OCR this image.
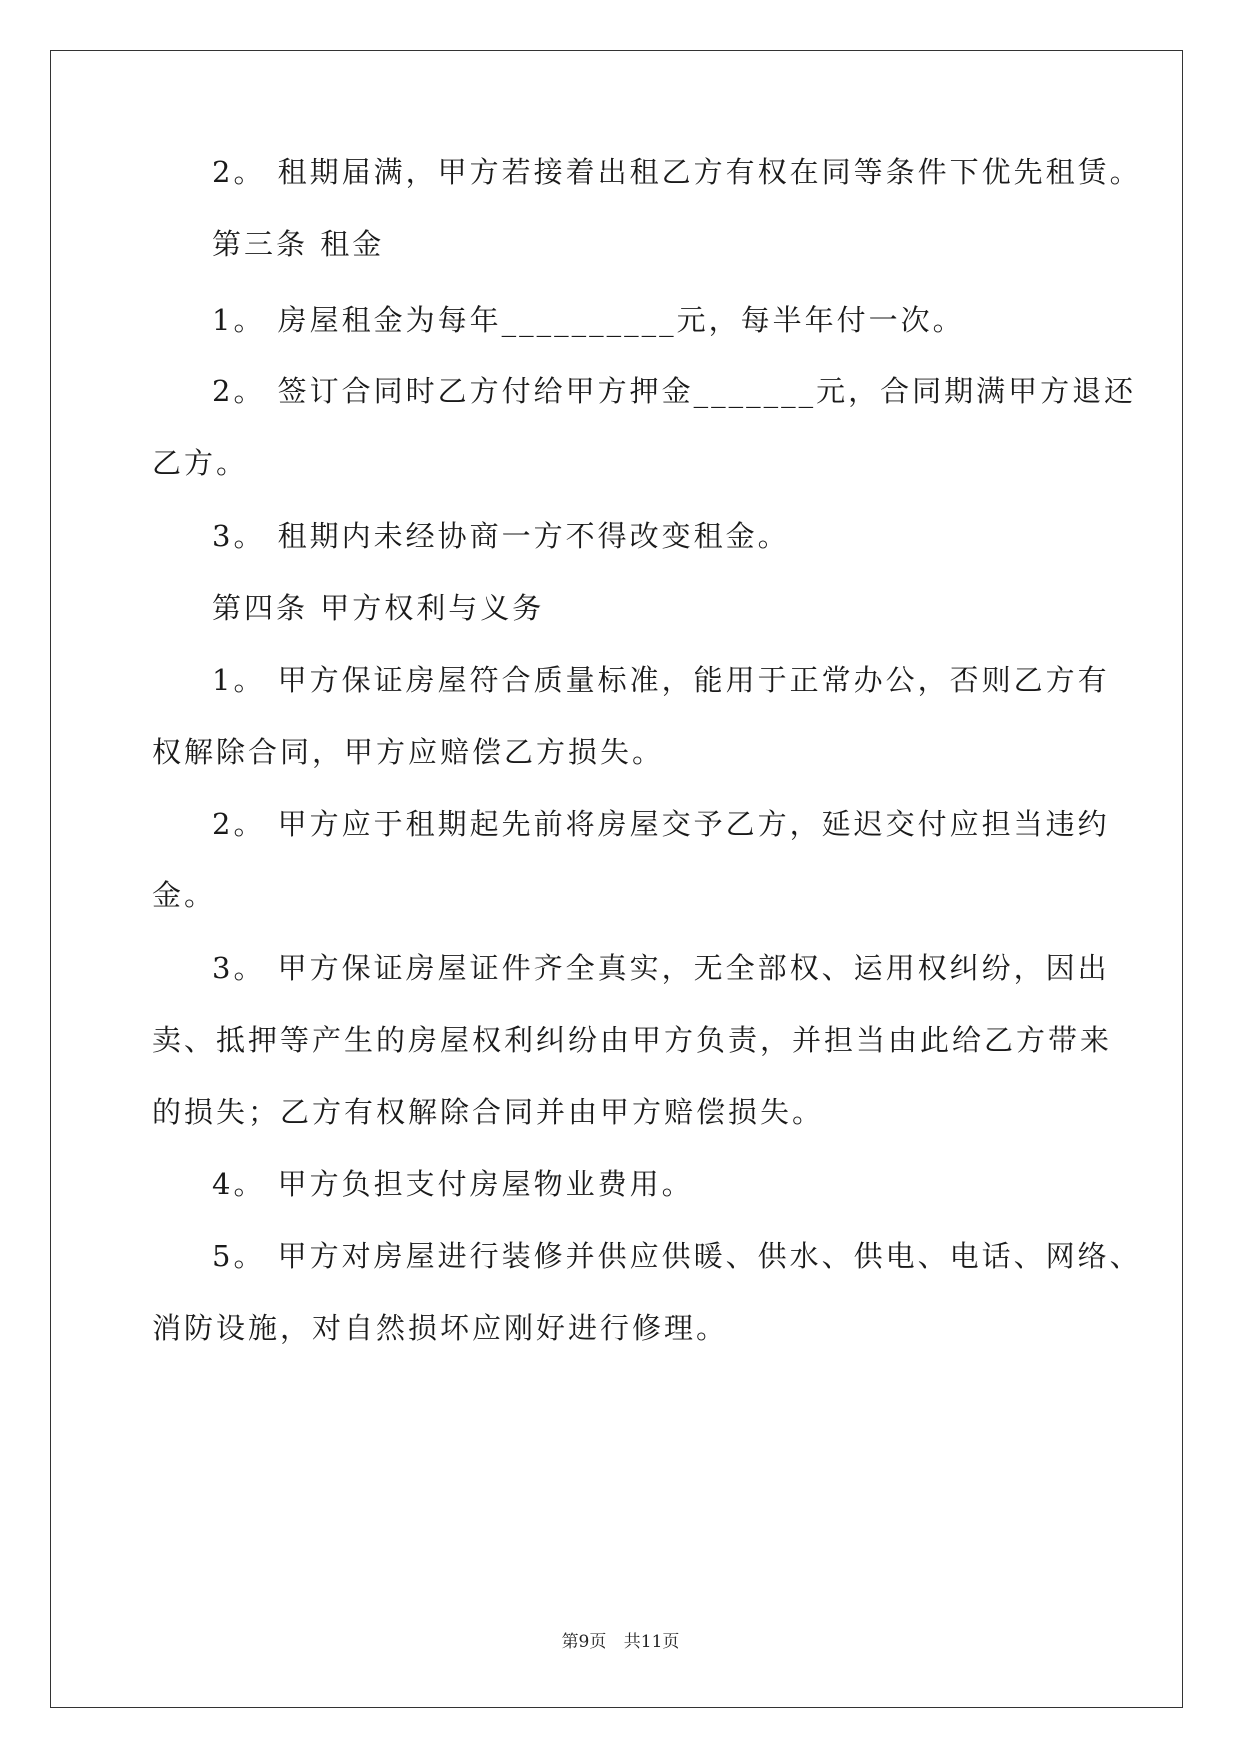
2。 租期届满，甲方若接着出租乙方有权在同等条件下优先租赁。
第三条 租金
1。 房屋租金为每年__________元，每半年付一次。
2。 签订合同时乙方付给甲方押金_______元，合同期满甲方退还
乙方。
3。 租期内未经协商一方不得改变租金。
第四条 甲方权利与义务
1。 甲方保证房屋符合质量标准，能用于正常办公，否则乙方有
权解除合同，甲方应赔偿乙方损失。
2。 甲方应于租期起先前将房屋交予乙方，延迟交付应担当违约
金。
3。 甲方保证房屋证件齐全真实，无全部权、运用权纠纷，因出
卖、抵押等产生的房屋权利纠纷由甲方负责，并担当由此给乙方带来
的损失；乙方有权解除合同并由甲方赔偿损失。
4。 甲方负担支付房屋物业费用。
5。 甲方对房屋进行装修并供应供暖、供水、供电、电话、网络、
消防设施，对自然损坏应刚好进行修理。
第9页 共11页
